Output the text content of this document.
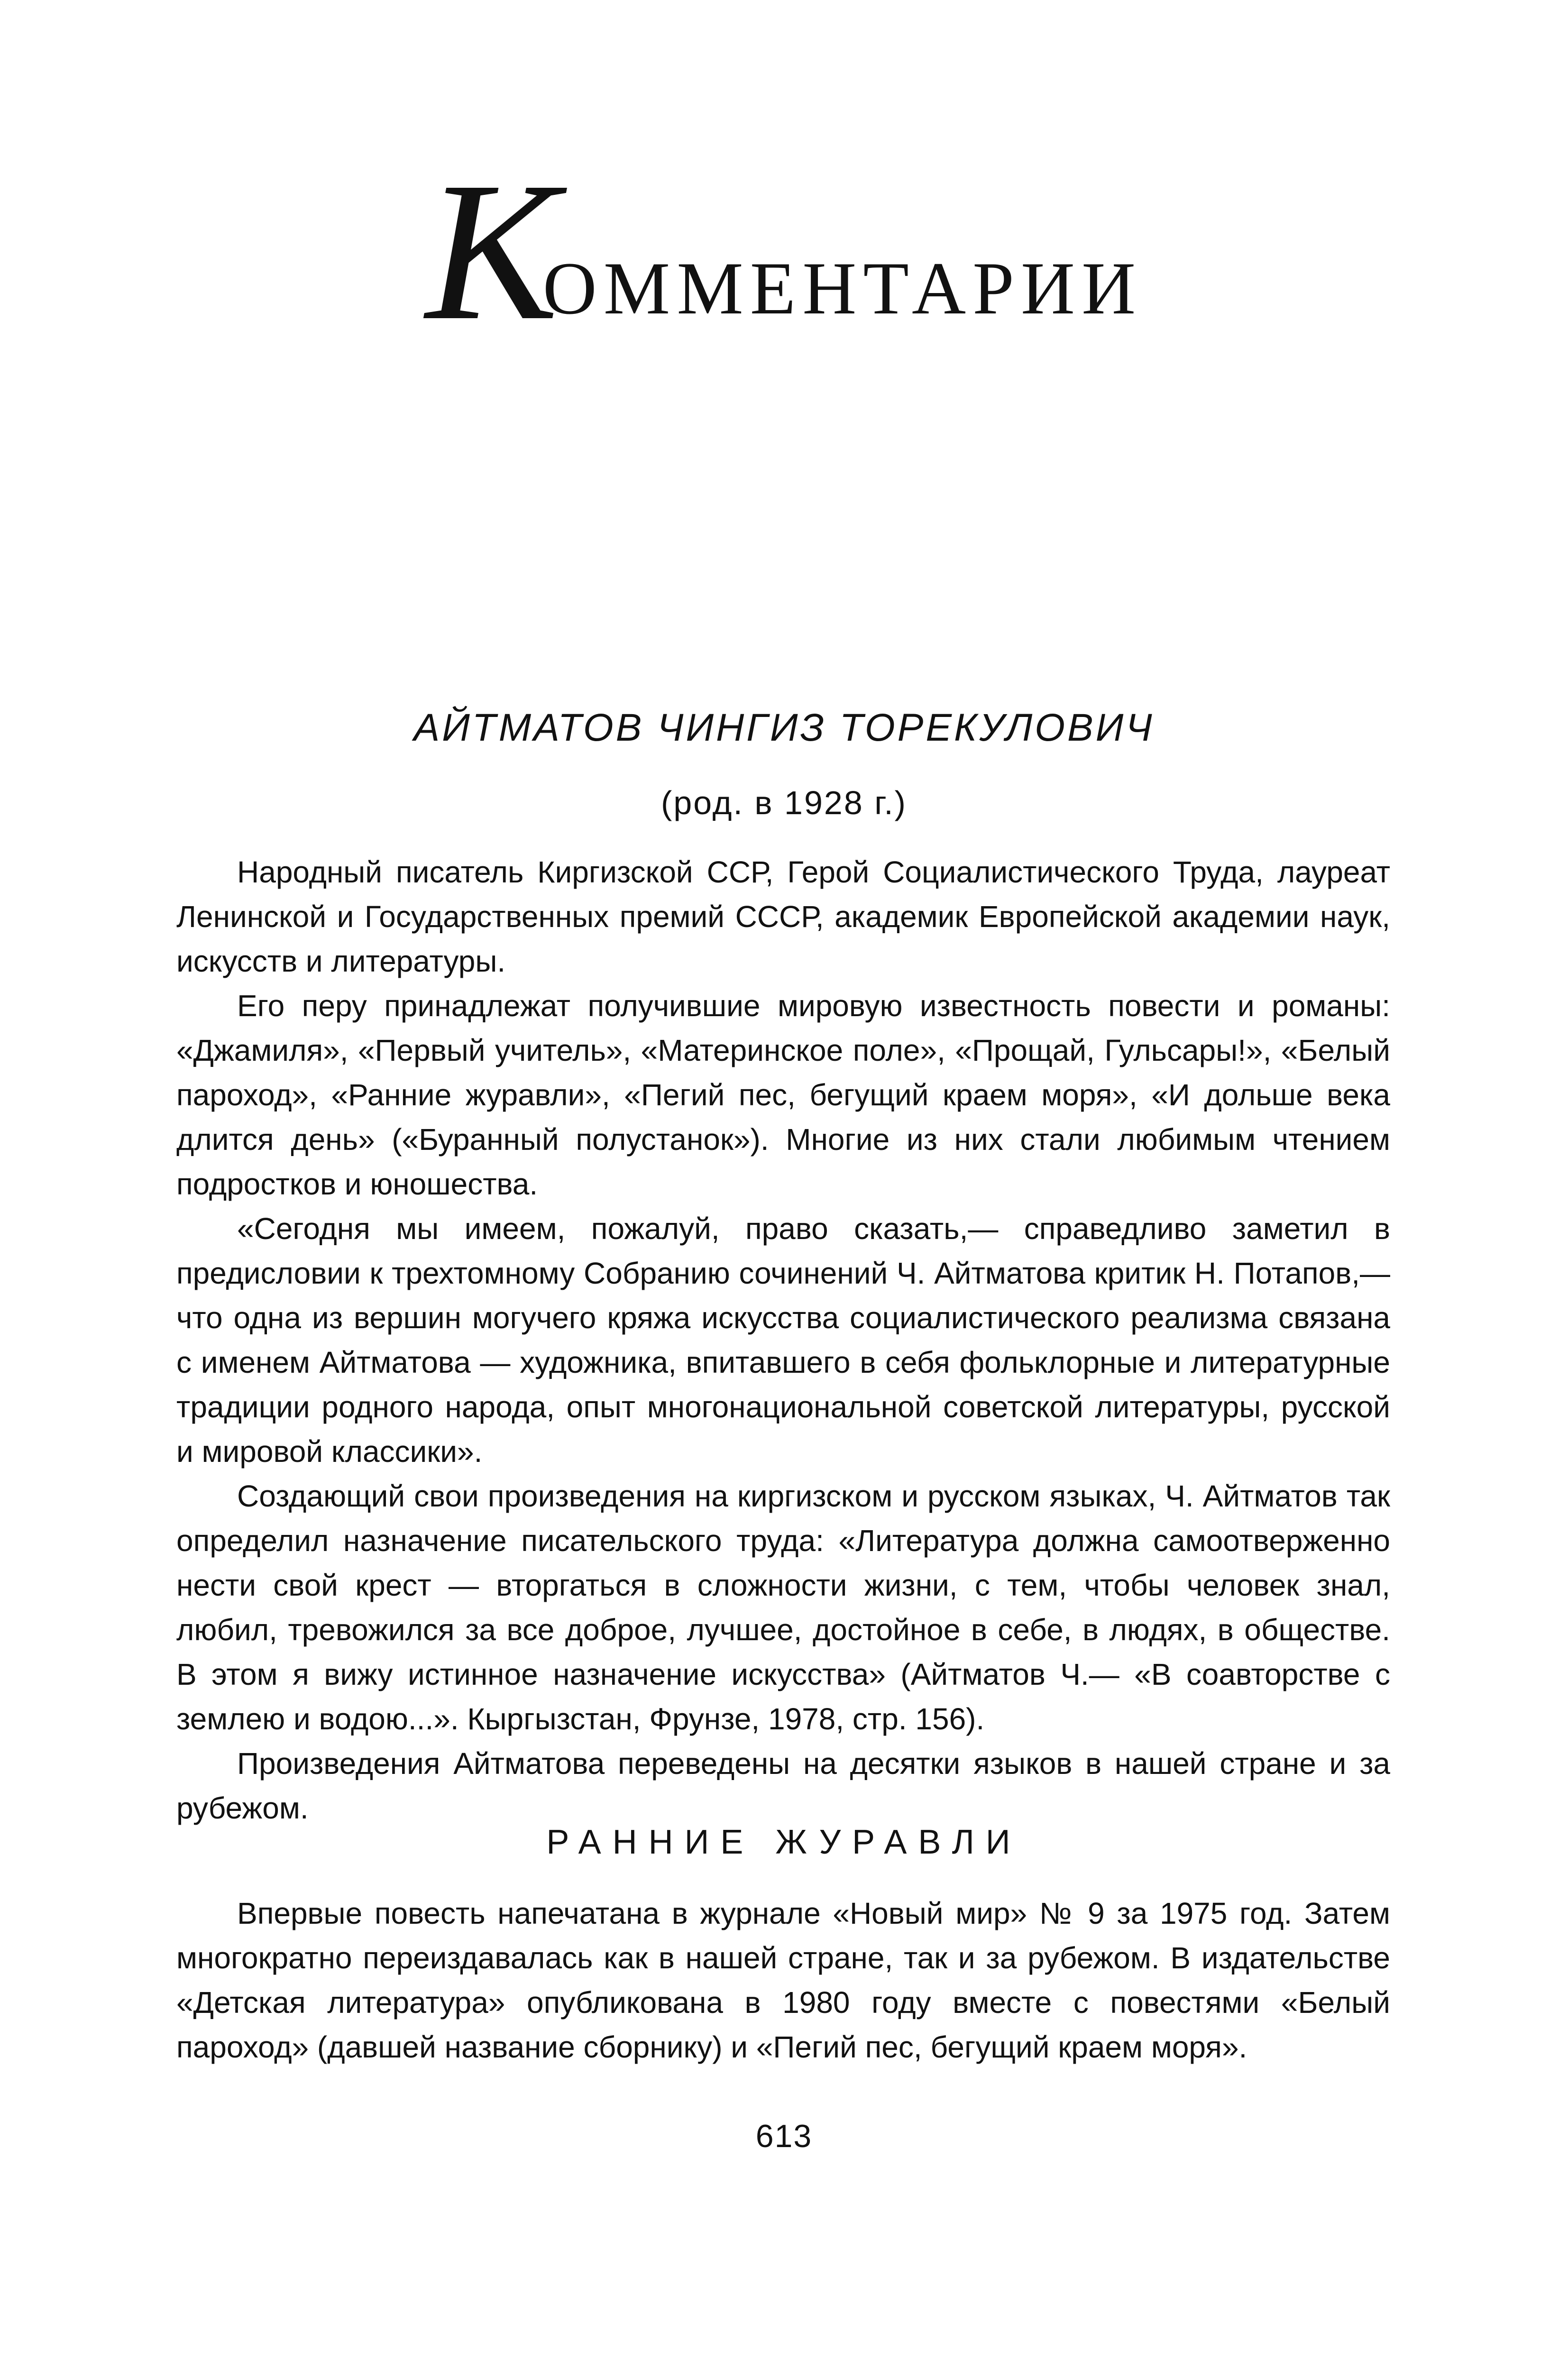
КОММЕНТАРИИ
АЙТМАТОВ ЧИНГИЗ ТОРЕКУЛОВИЧ
(род. в 1928 г.)

Народный писатель Киргизской ССР, Герой Социалистического Труда, лауреат Ленинской и Государственных премий СССР, академик Европейской академии наук, искусств и литературы.

Его перу принадлежат получившие мировую известность повести и романы: «Джамиля», «Первый учитель», «Материнское поле», «Прощай, Гульсары!», «Белый пароход», «Ранние журавли», «Пегий пес, бегущий краем моря», «И дольше века длится день» («Буранный полустанок»). Многие из них стали любимым чтением подростков и юношества.

«Сегодня мы имеем, пожалуй, право сказать,— справедливо заметил в предисловии к трехтомному Собранию сочинений Ч. Айтматова критик Н. Потапов,— что одна из вершин могучего кряжа искусства социалистического реализма связана с именем Айтматова — художника, впитавшего в себя фольклорные и литературные традиции родного народа, опыт многонациональной советской литературы, русской и мировой классики».

Создающий свои произведения на киргизском и русском языках, Ч. Айтматов так определил назначение писательского труда: «Литература должна самоотверженно нести свой крест — вторгаться в сложности жизни, с тем, чтобы человек знал, любил, тревожился за все доброе, лучшее, достойное в себе, в людях, в обществе. В этом я вижу истинное назначение искусства» (Айтматов Ч.— «В соавторстве с землею и водою...». Кыргызстан, Фрунзе, 1978, стр. 156).

Произведения Айтматова переведены на десятки языков в нашей стране и за рубежом.

РАННИЕ ЖУРАВЛИ

Впервые повесть напечатана в журнале «Новый мир» № 9 за 1975 год. Затем многократно переиздавалась как в нашей стране, так и за рубежом. В издательстве «Детская литература» опубликована в 1980 году вместе с повестями «Белый пароход» (давшей название сборнику) и «Пегий пес, бегущий краем моря».

613
